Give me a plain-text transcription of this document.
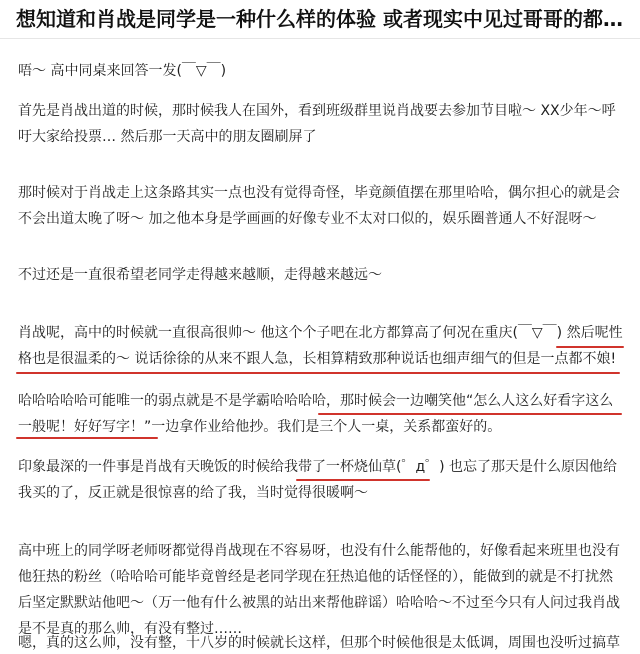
想知道和肖战是同学是一种什么样的体验 或者现实中见过哥哥的都…

唔～ 高中同桌来回答一发(￣▽￣)

首先是肖战出道的时候，那时候我人在国外，看到班级群里说肖战要去参加节目啦～ XX少年～呼吁大家给投票… 然后那一天高中的朋友圈刷屏了

那时候对于肖战走上这条路其实一点也没有觉得奇怪，毕竟颜值摆在那里哈哈，偶尔担心的就是会不会出道太晚了呀～ 加之他本身是学画画的好像专业不太对口似的，娱乐圈普通人不好混呀～

不过还是一直很希望老同学走得越来越顺，走得越来越远～

肖战呢，高中的时候就一直很高很帅～ 他这个个子吧在北方都算高了何况在重庆(￣▽￣) 然后呢性格也是很温柔的～ 说话徐徐的从来不跟人急，长相算精致那种说话也细声细气的但是一点都不娘!

哈哈哈哈哈可能唯一的弱点就是不是学霸哈哈哈哈，那时候会一边嘲笑他“怎么人这么好看字这么一般呢！好好写字！”一边拿作业给他抄。我们是三个人一桌，关系都蛮好的。

印象最深的一件事是肖战有天晚饭的时候给我带了一杯烧仙草(゜д゜) 也忘了那天是什么原因他给我买的了，反正就是很惊喜的给了我，当时觉得很暖啊～

高中班上的同学呀老师呀都觉得肖战现在不容易呀，也没有什么能帮他的，好像看起来班里也没有他狂热的粉丝（哈哈哈可能毕竟曾经是老同学现在狂热追他的话怪怪的），能做到的就是不打扰然后坚定默默站他吧～（万一他有什么被黑的站出来帮他辟谣）哈哈哈～不过至今只有人问过我肖战是不是真的那么帅，有没有整过……

嗯，真的这么帅，没有整，十八岁的时候就长这样，但那个时候他很是太低调，周围也没听过搞草
